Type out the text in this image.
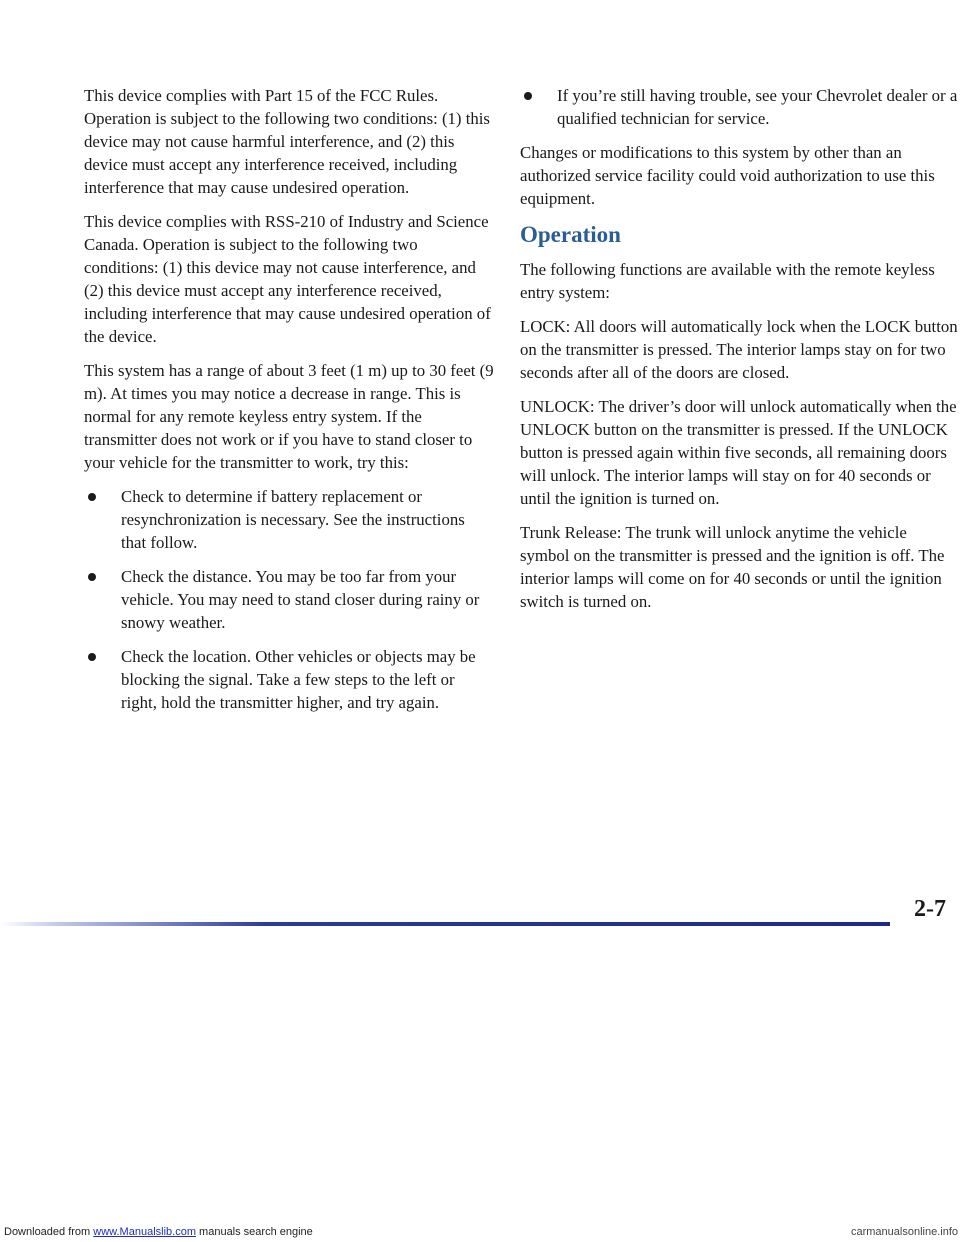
This device complies with Part 15 of the FCC Rules. Operation is subject to the following two conditions: (1) this device may not cause harmful interference, and (2) this device must accept any interference received, including interference that may cause undesired operation.

This device complies with RSS-210 of Industry and Science Canada. Operation is subject to the following two conditions: (1) this device may not cause interference, and (2) this device must accept any interference received, including interference that may cause undesired operation of the device.

This system has a range of about 3 feet (1 m) up to 30 feet (9 m). At times you may notice a decrease in range. This is normal for any remote keyless entry system. If the transmitter does not work or if you have to stand closer to your vehicle for the transmitter to work, try this:

Check to determine if battery replacement or resynchronization is necessary. See the instructions that follow.
Check the distance. You may be too far from your vehicle. You may need to stand closer during rainy or snowy weather.
Check the location. Other vehicles or objects may be blocking the signal. Take a few steps to the left or right, hold the transmitter higher, and try again.
If you’re still having trouble, see your Chevrolet dealer or a qualified technician for service.

Changes or modifications to this system by other than an authorized service facility could void authorization to use this equipment.

Operation

The following functions are available with the remote keyless entry system:

LOCK: All doors will automatically lock when the LOCK button on the transmitter is pressed. The interior lamps stay on for two seconds after all of the doors are closed.

UNLOCK: The driver’s door will unlock automatically when the UNLOCK button on the transmitter is pressed. If the UNLOCK button is pressed again within five seconds, all remaining doors will unlock. The interior lamps will stay on for 40 seconds or until the ignition is turned on.

Trunk Release: The trunk will unlock anytime the vehicle symbol on the transmitter is pressed and the ignition is off. The interior lamps will come on for 40 seconds or until the ignition switch is turned on.

2-7
Downloaded from www.Manualslib.com manuals search engine	carmanualsonline.info
